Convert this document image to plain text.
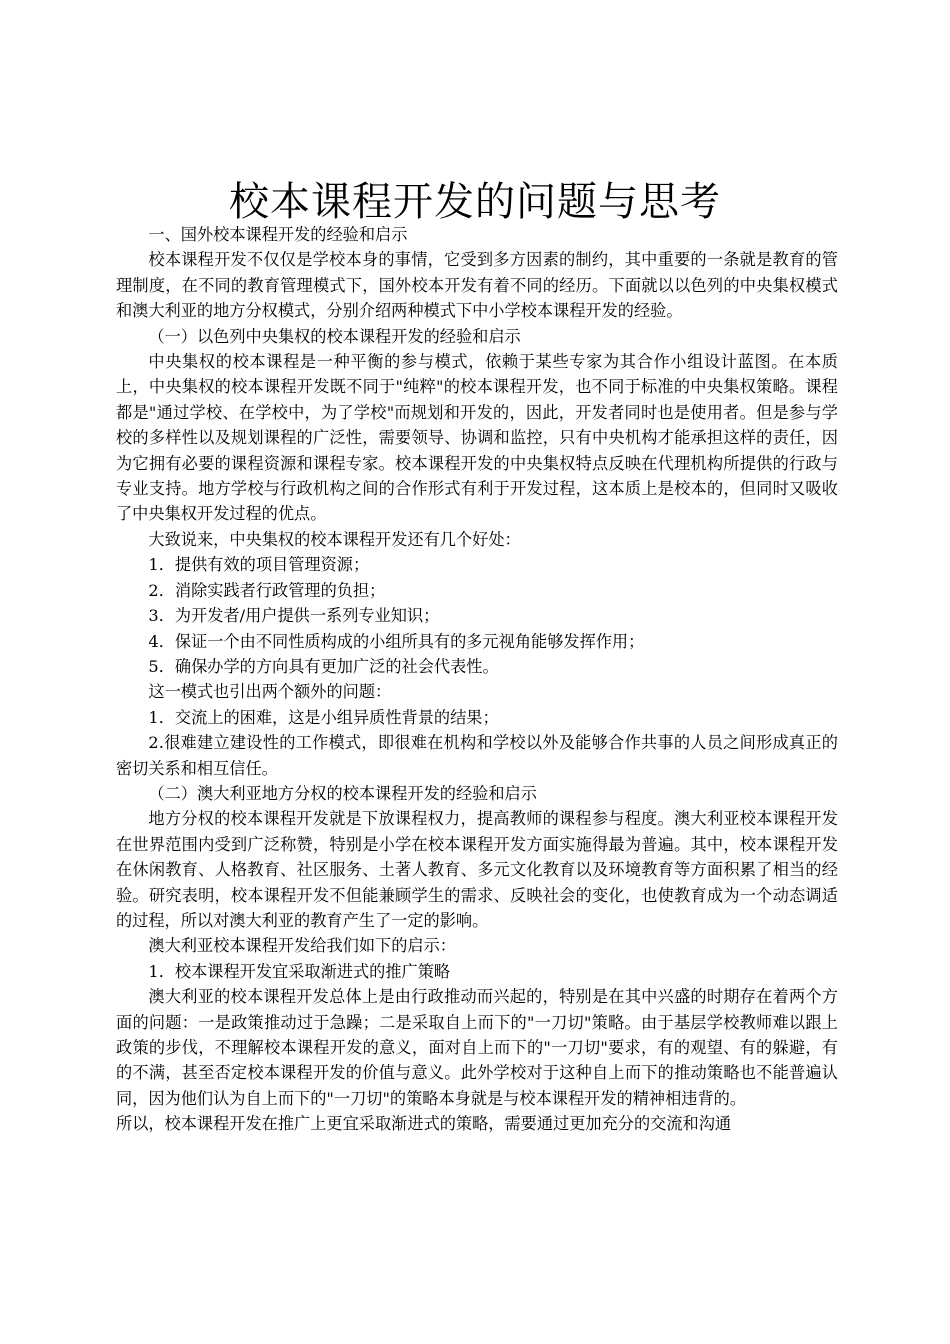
校本课程开发的问题与思考

一、国外校本课程开发的经验和启示

校本课程开发不仅仅是学校本身的事情，它受到多方因素的制约，其中重要的一条就是教育的管理制度，在不同的教育管理模式下，国外校本开发有着不同的经历。下面就以以色列的中央集权模式和澳大利亚的地方分权模式，分别介绍两种模式下中小学校本课程开发的经验。

（一）以色列中央集权的校本课程开发的经验和启示

中央集权的校本课程是一种平衡的参与模式，依赖于某些专家为其合作小组设计蓝图。在本质上，中央集权的校本课程开发既不同于"纯粹"的校本课程开发，也不同于标准的中央集权策略。课程都是"通过学校、在学校中，为了学校"而规划和开发的，因此，开发者同时也是使用者。但是参与学校的多样性以及规划课程的广泛性，需要领导、协调和监控，只有中央机构才能承担这样的责任，因为它拥有必要的课程资源和课程专家。校本课程开发的中央集权特点反映在代理机构所提供的行政与专业支持。地方学校与行政机构之间的合作形式有利于开发过程，这本质上是校本的，但同时又吸收了中央集权开发过程的优点。

大致说来，中央集权的校本课程开发还有几个好处：

1．提供有效的项目管理资源；

2．消除实践者行政管理的负担；

3．为开发者/用户提供一系列专业知识；

4．保证一个由不同性质构成的小组所具有的多元视角能够发挥作用；

5．确保办学的方向具有更加广泛的社会代表性。

这一模式也引出两个额外的问题：

1．交流上的困难，这是小组异质性背景的结果；

2.很难建立建设性的工作模式，即很难在机构和学校以外及能够合作共事的人员之间形成真正的密切关系和相互信任。

（二）澳大利亚地方分权的校本课程开发的经验和启示

地方分权的校本课程开发就是下放课程权力，提高教师的课程参与程度。澳大利亚校本课程开发在世界范围内受到广泛称赞，特别是小学在校本课程开发方面实施得最为普遍。其中，校本课程开发在休闲教育、人格教育、社区服务、土著人教育、多元文化教育以及环境教育等方面积累了相当的经验。研究表明，校本课程开发不但能兼顾学生的需求、反映社会的变化，也使教育成为一个动态调适的过程，所以对澳大利亚的教育产生了一定的影响。

澳大利亚校本课程开发给我们如下的启示：

1．校本课程开发宜采取渐进式的推广策略

澳大利亚的校本课程开发总体上是由行政推动而兴起的，特别是在其中兴盛的时期存在着两个方面的问题：一是政策推动过于急躁；二是采取自上而下的"一刀切"策略。由于基层学校教师难以跟上政策的步伐，不理解校本课程开发的意义，面对自上而下的"一刀切"要求，有的观望、有的躲避，有的不满，甚至否定校本课程开发的价值与意义。此外学校对于这种自上而下的推动策略也不能普遍认同，因为他们认为自上而下的"一刀切"的策略本身就是与校本课程开发的精神相违背的。

所以，校本课程开发在推广上更宜采取渐进式的策略，需要通过更加充分的交流和沟通
